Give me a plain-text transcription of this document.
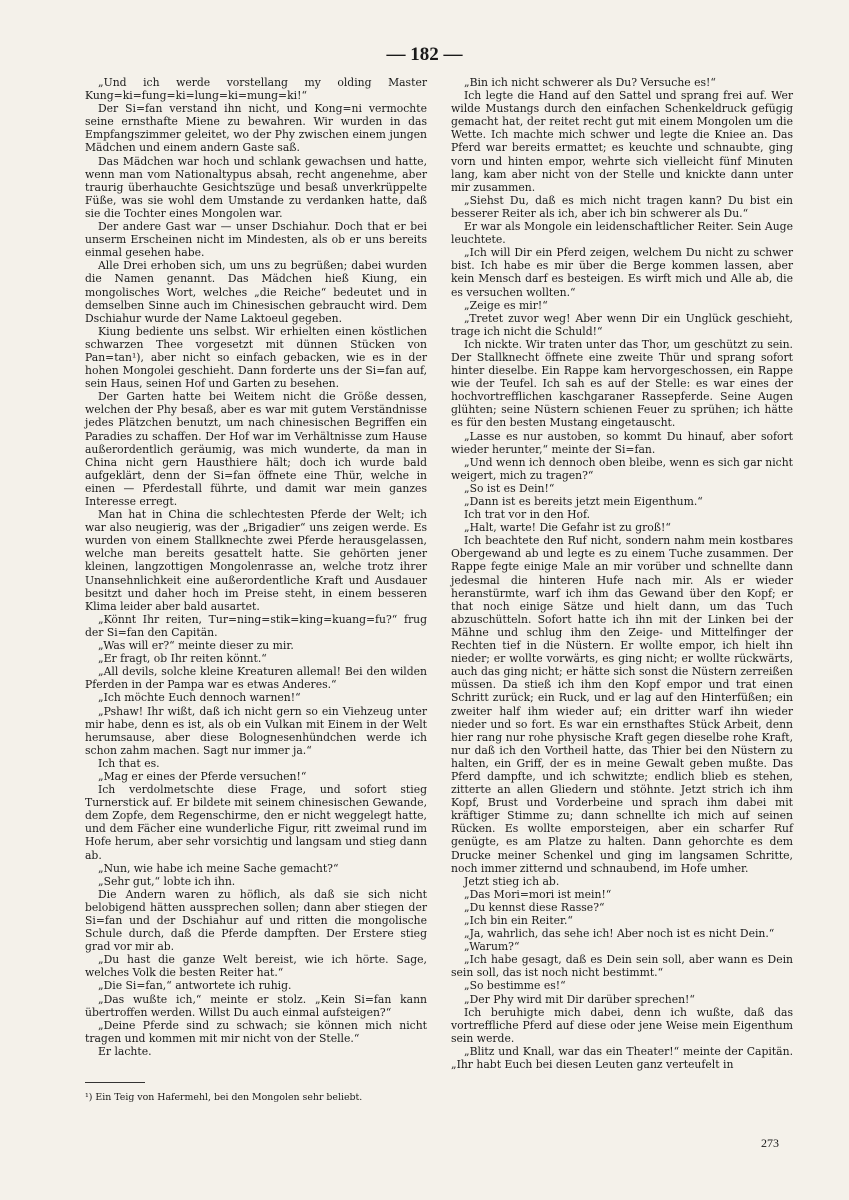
— 182 —

„Und ich werde vorstellang my olding Master Kung=ki=fung=ki=lung=ki=mung=ki!“

Der Si=fan verstand ihn nicht, und Kong=ni vermochte seine ernsthafte Miene zu bewahren. Wir wurden in das Empfangszimmer geleitet, wo der Phy zwischen einem jungen Mädchen und einem andern Gaste saß.

Das Mädchen war hoch und schlank gewachsen und hatte, wenn man vom Nationaltypus absah, recht angenehme, aber traurig überhauchte Gesichtszüge und besaß unverkrüppelte Füße, was sie wohl dem Umstande zu verdanken hatte, daß sie die Tochter eines Mongolen war.

Der andere Gast war — unser Dschiahur. Doch that er bei unserm Erscheinen nicht im Mindesten, als ob er uns bereits einmal gesehen habe.

Alle Drei erhoben sich, um uns zu begrüßen; dabei wurden die Namen genannt. Das Mädchen hieß Kiung, ein mongolisches Wort, welches „die Reiche“ bedeutet und in demselben Sinne auch im Chinesischen gebraucht wird. Dem Dschiahur wurde der Name Laktoeul gegeben.

Kiung bediente uns selbst. Wir erhielten einen köstlichen schwarzen Thee vorgesetzt mit dünnen Stücken von Pan=tan¹), aber nicht so einfach gebacken, wie es in der hohen Mongolei geschieht. Dann forderte uns der Si=fan auf, sein Haus, seinen Hof und Garten zu besehen.

Der Garten hatte bei Weitem nicht die Größe dessen, welchen der Phy besaß, aber es war mit gutem Verständnisse jedes Plätzchen benutzt, um nach chinesischen Begriffen ein Paradies zu schaffen. Der Hof war im Verhältnisse zum Hause außerordentlich geräumig, was mich wunderte, da man in China nicht gern Hausthiere hält; doch ich wurde bald aufgeklärt, denn der Si=fan öffnete eine Thür, welche in einen — Pferdestall führte, und damit war mein ganzes Interesse erregt.

Man hat in China die schlechtesten Pferde der Welt; ich war also neugierig, was der „Brigadier“ uns zeigen werde. Es wurden von einem Stallknechte zwei Pferde herausgelassen, welche man bereits gesattelt hatte. Sie gehörten jener kleinen, langzottigen Mongolenrasse an, welche trotz ihrer Unansehnlichkeit eine außerordentliche Kraft und Ausdauer besitzt und daher hoch im Preise steht, in einem besseren Klima leider aber bald ausartet.

„Könnt Ihr reiten, Tur=ning=stik=king=kuang=fu?“ frug der Si=fan den Capitän.

„Was will er?“ meinte dieser zu mir.

„Er fragt, ob Ihr reiten könnt.“

„All devils, solche kleine Kreaturen allemal! Bei den wilden Pferden in der Pampa war es etwas Anderes.“

„Ich möchte Euch dennoch warnen!“

„Pshaw! Ihr wißt, daß ich nicht gern so ein Viehzeug unter mir habe, denn es ist, als ob ein Vulkan mit Einem in der Welt herumsause, aber diese Bolognesenhündchen werde ich schon zahm machen. Sagt nur immer ja.“

Ich that es.

„Mag er eines der Pferde versuchen!“

Ich verdolmetschte diese Frage, und sofort stieg Turnerstick auf. Er bildete mit seinem chinesischen Gewande, dem Zopfe, dem Regenschirme, den er nicht weggelegt hatte, und dem Fächer eine wunderliche Figur, ritt zweimal rund im Hofe herum, aber sehr vorsichtig und langsam und stieg dann ab.

„Nun, wie habe ich meine Sache gemacht?“

„Sehr gut,“ lobte ich ihn.

Die Andern waren zu höflich, als daß sie sich nicht belobigend hätten aussprechen sollen; dann aber stiegen der Si=fan und der Dschiahur auf und ritten die mongolische Schule durch, daß die Pferde dampften. Der Erstere stieg grad vor mir ab.

„Du hast die ganze Welt bereist, wie ich hörte. Sage, welches Volk die besten Reiter hat.“

„Die Si=fan,“ antwortete ich ruhig.

„Das wußte ich,“ meinte er stolz. „Kein Si=fan kann übertroffen werden. Willst Du auch einmal aufsteigen?“

„Deine Pferde sind zu schwach; sie können mich nicht tragen und kommen mit mir nicht von der Stelle.“

Er lachte.

„Bin ich nicht schwerer als Du? Versuche es!“

Ich legte die Hand auf den Sattel und sprang frei auf. Wer wilde Mustangs durch den einfachen Schenkeldruck gefügig gemacht hat, der reitet recht gut mit einem Mongolen um die Wette. Ich machte mich schwer und legte die Kniee an. Das Pferd war bereits ermattet; es keuchte und schnaubte, ging vorn und hinten empor, wehrte sich vielleicht fünf Minuten lang, kam aber nicht von der Stelle und knickte dann unter mir zusammen.

„Siehst Du, daß es mich nicht tragen kann? Du bist ein besserer Reiter als ich, aber ich bin schwerer als Du.“

Er war als Mongole ein leidenschaftlicher Reiter. Sein Auge leuchtete.

„Ich will Dir ein Pferd zeigen, welchem Du nicht zu schwer bist. Ich habe es mir über die Berge kommen lassen, aber kein Mensch darf es besteigen. Es wirft mich und Alle ab, die es versuchen wollten.“

„Zeige es mir!“

„Tretet zuvor weg! Aber wenn Dir ein Unglück geschieht, trage ich nicht die Schuld!“

Ich nickte. Wir traten unter das Thor, um geschützt zu sein. Der Stallknecht öffnete eine zweite Thür und sprang sofort hinter dieselbe. Ein Rappe kam hervorgeschossen, ein Rappe wie der Teufel. Ich sah es auf der Stelle: es war eines der hochvortrefflichen kaschgaraner Rassepferde. Seine Augen glühten; seine Nüstern schienen Feuer zu sprühen; ich hätte es für den besten Mustang eingetauscht.

„Lasse es nur austoben, so kommt Du hinauf, aber sofort wieder herunter,“ meinte der Si=fan.

„Und wenn ich dennoch oben bleibe, wenn es sich gar nicht weigert, mich zu tragen?“

„So ist es Dein!“

„Dann ist es bereits jetzt mein Eigenthum.“

Ich trat vor in den Hof.

„Halt, warte! Die Gefahr ist zu groß!“

Ich beachtete den Ruf nicht, sondern nahm mein kostbares Obergewand ab und legte es zu einem Tuche zusammen. Der Rappe fegte einige Male an mir vorüber und schnellte dann jedesmal die hinteren Hufe nach mir. Als er wieder heranstürmte, warf ich ihm das Gewand über den Kopf; er that noch einige Sätze und hielt dann, um das Tuch abzuschütteln. Sofort hatte ich ihn mit der Linken bei der Mähne und schlug ihm den Zeige- und Mittelfinger der Rechten tief in die Nüstern. Er wollte empor, ich hielt ihn nieder; er wollte vorwärts, es ging nicht; er wollte rückwärts, auch das ging nicht; er hätte sich sonst die Nüstern zerreißen müssen. Da stieß ich ihm den Kopf empor und trat einen Schritt zurück; ein Ruck, und er lag auf den Hinterfüßen; ein zweiter half ihm wieder auf; ein dritter warf ihn wieder nieder und so fort. Es war ein ernsthaftes Stück Arbeit, denn hier rang nur rohe physische Kraft gegen dieselbe rohe Kraft, nur daß ich den Vortheil hatte, das Thier bei den Nüstern zu halten, ein Griff, der es in meine Gewalt geben mußte. Das Pferd dampfte, und ich schwitzte; endlich blieb es stehen, zitterte an allen Gliedern und stöhnte. Jetzt strich ich ihm Kopf, Brust und Vorderbeine und sprach ihm dabei mit kräftiger Stimme zu; dann schnellte ich mich auf seinen Rücken. Es wollte emporsteigen, aber ein scharfer Ruf genügte, es am Platze zu halten. Dann gehorchte es dem Drucke meiner Schenkel und ging im langsamen Schritte, noch immer zitternd und schnaubend, im Hofe umher.

Jetzt stieg ich ab.

„Das Mori=mori ist mein!“

„Du kennst diese Rasse?“

„Ich bin ein Reiter.“

„Ja, wahrlich, das sehe ich! Aber noch ist es nicht Dein.“

„Warum?“

„Ich habe gesagt, daß es Dein sein soll, aber wann es Dein sein soll, das ist noch nicht bestimmt.“

„So bestimme es!“

„Der Phy wird mit Dir darüber sprechen!“

Ich beruhigte mich dabei, denn ich wußte, daß das vortreffliche Pferd auf diese oder jene Weise mein Eigenthum sein werde.

„Blitz und Knall, war das ein Theater!“ meinte der Capitän. „Ihr habt Euch bei diesen Leuten ganz verteufelt in

¹) Ein Teig von Hafermehl, bei den Mongolen sehr beliebt.
273
